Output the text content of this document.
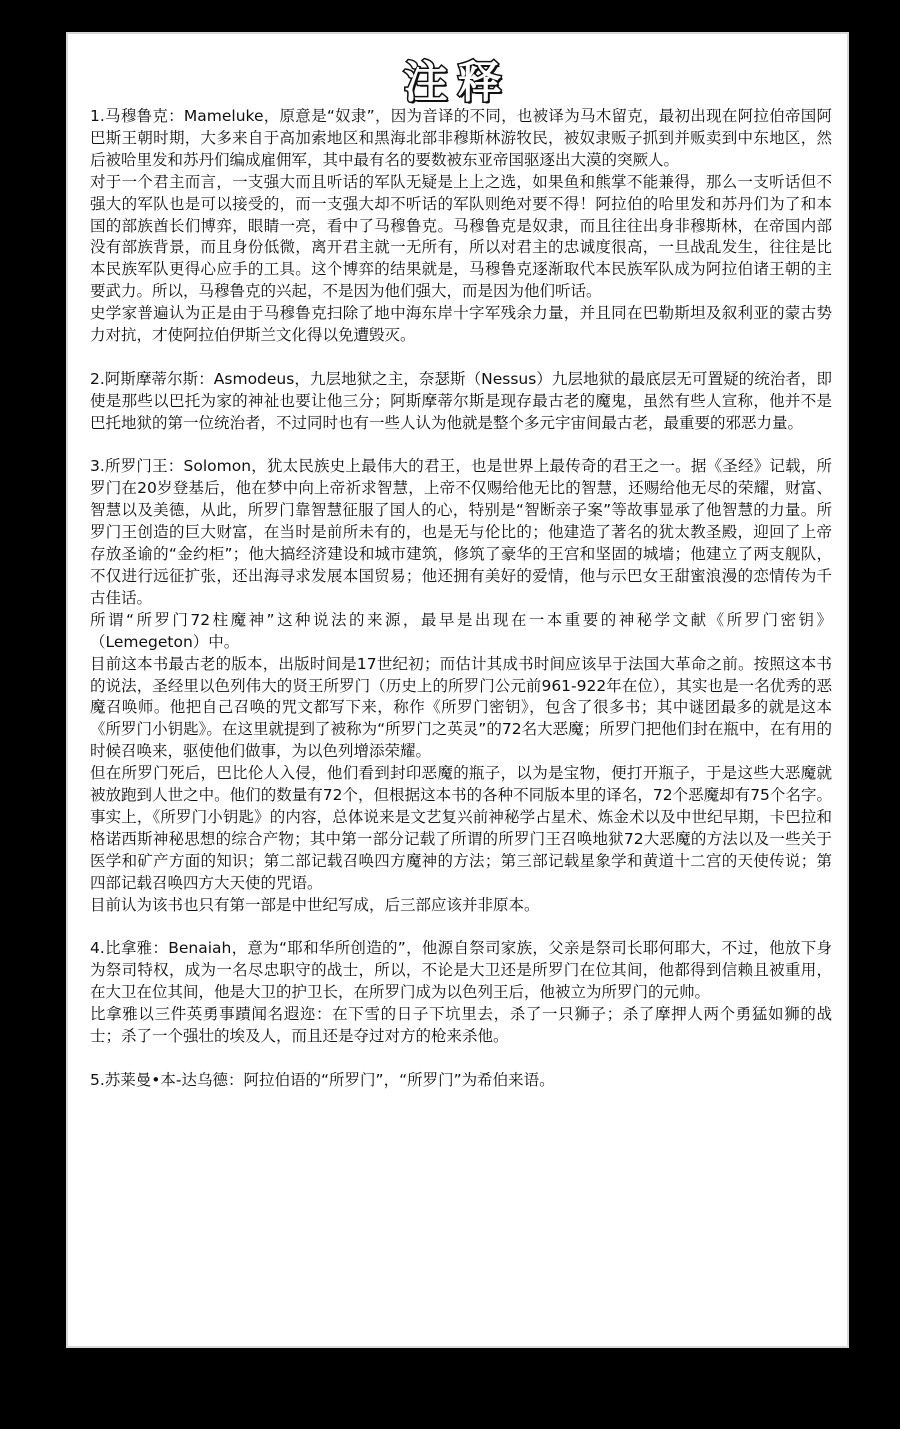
注释

1.马穆鲁克：Mameluke，原意是“奴隶”，因为音译的不同，也被译为马木留克，最初出现在阿拉伯帝国阿巴斯王朝时期，大多来自于高加索地区和黑海北部非穆斯林游牧民，被奴隶贩子抓到并贩卖到中东地区，然后被哈里发和苏丹们编成雇佣军，其中最有名的要数被东亚帝国驱逐出大漠的突厥人。

对于一个君主而言，一支强大而且听话的军队无疑是上上之选，如果鱼和熊掌不能兼得，那么一支听话但不强大的军队也是可以接受的，而一支强大却不听话的军队则绝对要不得！阿拉伯的哈里发和苏丹们为了和本国的部族酋长们博弈，眼睛一亮，看中了马穆鲁克。马穆鲁克是奴隶，而且往往出身非穆斯林，在帝国内部没有部族背景，而且身份低微，离开君主就一无所有，所以对君主的忠诚度很高，一旦战乱发生，往往是比本民族军队更得心应手的工具。这个博弈的结果就是，马穆鲁克逐渐取代本民族军队成为阿拉伯诸王朝的主要武力。所以，马穆鲁克的兴起，不是因为他们强大，而是因为他们听话。

史学家普遍认为正是由于马穆鲁克扫除了地中海东岸十字军残余力量，并且同在巴勒斯坦及叙利亚的蒙古势力对抗，才使阿拉伯伊斯兰文化得以免遭毁灭。

2.阿斯摩蒂尔斯：Asmodeus，九层地狱之主，奈瑟斯（Nessus）九层地狱的最底层无可置疑的统治者，即使是那些以巴托为家的神祉也要让他三分；阿斯摩蒂尔斯是现存最古老的魔鬼，虽然有些人宣称，他并不是巴托地狱的第一位统治者，不过同时也有一些人认为他就是整个多元宇宙间最古老，最重要的邪恶力量。

3.所罗门王：Solomon，犹太民族史上最伟大的君王，也是世界上最传奇的君王之一。据《圣经》记载，所罗门在20岁登基后，他在梦中向上帝祈求智慧，上帝不仅赐给他无比的智慧，还赐给他无尽的荣耀，财富、智慧以及美德，从此，所罗门靠智慧征服了国人的心，特别是“智断亲子案”等故事显承了他智慧的力量。所罗门王创造的巨大财富，在当时是前所未有的，也是无与伦比的；他建造了著名的犹太教圣殿，迎回了上帝存放圣谕的“金约柜”；他大搞经济建设和城市建筑，修筑了豪华的王宫和坚固的城墙；他建立了两支舰队，不仅进行远征扩张，还出海寻求发展本国贸易；他还拥有美好的爱情，他与示巴女王甜蜜浪漫的恋情传为千古佳话。

所谓“所罗门72柱魔神”这种说法的来源，最早是出现在一本重要的神秘学文献《所罗门密钥》（Lemegeton）中。

目前这本书最古老的版本，出版时间是17世纪初；而估计其成书时间应该早于法国大革命之前。按照这本书的说法，圣经里以色列伟大的贤王所罗门（历史上的所罗门公元前961-922年在位），其实也是一名优秀的恶魔召唤师。他把自己召唤的咒文都写下来，称作《所罗门密钥》，包含了很多书；其中谜团最多的就是这本《所罗门小钥匙》。在这里就提到了被称为“所罗门之英灵”的72名大恶魔；所罗门把他们封在瓶中，在有用的时候召唤来，驱使他们做事，为以色列增添荣耀。

但在所罗门死后，巴比伦人入侵，他们看到封印恶魔的瓶子，以为是宝物，便打开瓶子，于是这些大恶魔就被放跑到人世之中。他们的数量有72个，但根据这本书的各种不同版本里的译名，72个恶魔却有75个名字。事实上，《所罗门小钥匙》的内容，总体说来是文艺复兴前神秘学占星术、炼金术以及中世纪早期，卡巴拉和格诺西斯神秘思想的综合产物；其中第一部分记载了所谓的所罗门王召唤地狱72大恶魔的方法以及一些关于医学和矿产方面的知识；第二部记载召唤四方魔神的方法；第三部记载星象学和黄道十二宫的天使传说；第四部记载召唤四方大天使的咒语。

目前认为该书也只有第一部是中世纪写成，后三部应该并非原本。

4.比拿雅：Benaiah，意为“耶和华所创造的”，他源自祭司家族，父亲是祭司长耶何耶大，不过，他放下身为祭司特权，成为一名尽忠职守的战士，所以，不论是大卫还是所罗门在位其间，他都得到信赖且被重用，在大卫在位其间，他是大卫的护卫长，在所罗门成为以色列王后，他被立为所罗门的元帅。

比拿雅以三件英勇事蹟闻名遐迩：在下雪的日子下坑里去，杀了一只狮子；杀了摩押人两个勇猛如狮的战士；杀了一个强壮的埃及人，而且还是夺过对方的枪来杀他。

5.苏莱曼•本-达乌德：阿拉伯语的“所罗门”，“所罗门”为希伯来语。
